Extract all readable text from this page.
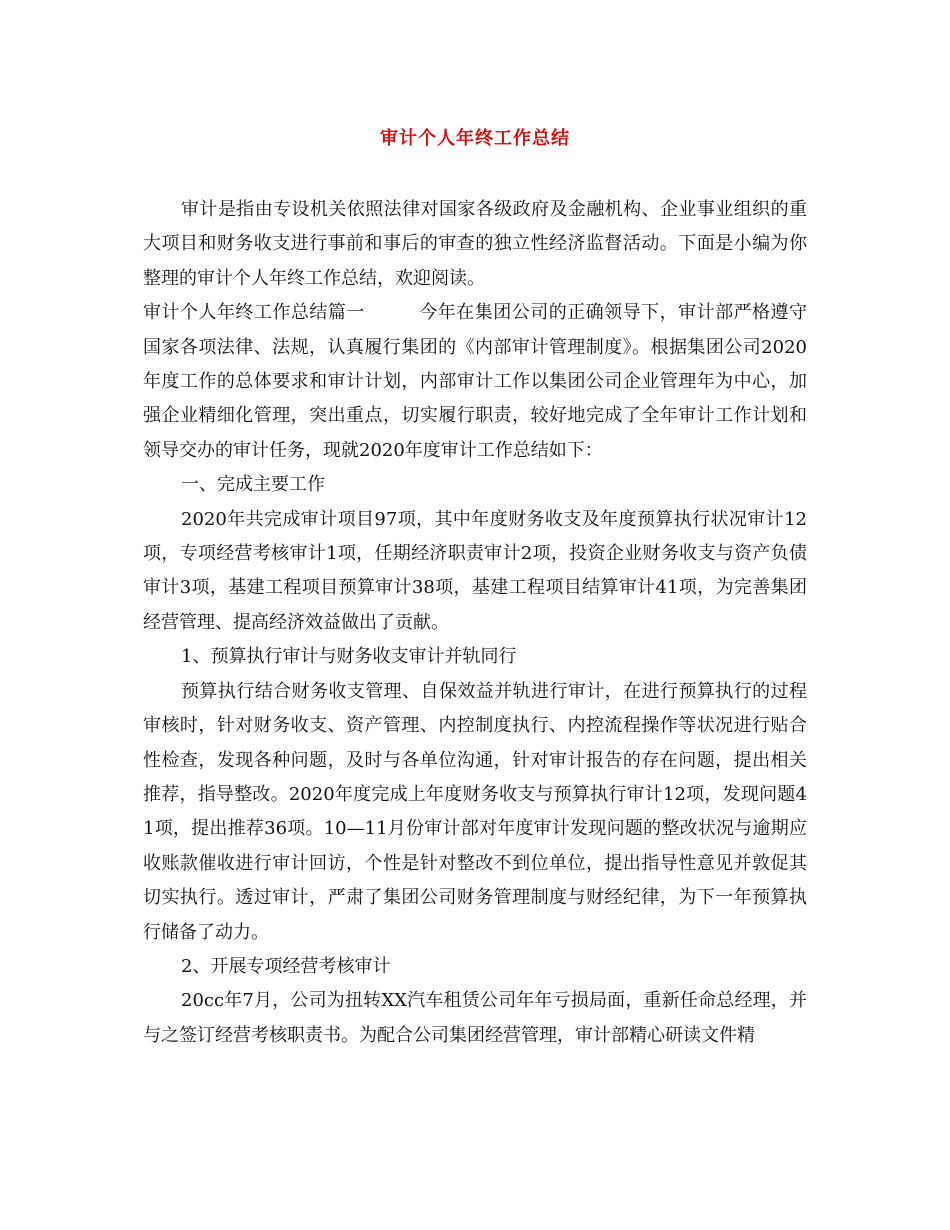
审计个人年终工作总结

审计是指由专设机关依照法律对国家各级政府及金融机构、企业事业组织的重大项目和财务收支进行事前和事后的审查的独立性经济监督活动。下面是小编为你整理的审计个人年终工作总结，欢迎阅读。

审计个人年终工作总结篇一	今年在集团公司的正确领导下，审计部严格遵守国家各项法律、法规，认真履行集团的《内部审计管理制度》。根据集团公司2020年度工作的总体要求和审计计划，内部审计工作以集团公司企业管理年为中心，加强企业精细化管理，突出重点，切实履行职责，较好地完成了全年审计工作计划和领导交办的审计任务，现就2020年度审计工作总结如下：

一、完成主要工作

2020年共完成审计项目97项，其中年度财务收支及年度预算执行状况审计12项，专项经营考核审计1项，任期经济职责审计2项，投资企业财务收支与资产负债审计3项，基建工程项目预算审计38项，基建工程项目结算审计41项，为完善集团经营管理、提高经济效益做出了贡献。

1、预算执行审计与财务收支审计并轨同行

预算执行结合财务收支管理、自保效益并轨进行审计，在进行预算执行的过程审核时，针对财务收支、资产管理、内控制度执行、内控流程操作等状况进行贴合性检查，发现各种问题，及时与各单位沟通，针对审计报告的存在问题，提出相关推荐，指导整改。2020年度完成上年度财务收支与预算执行审计12项，发现问题41项，提出推荐36项。10—11月份审计部对年度审计发现问题的整改状况与逾期应收账款催收进行审计回访，个性是针对整改不到位单位，提出指导性意见并敦促其切实执行。透过审计，严肃了集团公司财务管理制度与财经纪律，为下一年预算执行储备了动力。

2、开展专项经营考核审计

20cc年7月，公司为扭转XX汽车租赁公司年年亏损局面，重新任命总经理，并与之签订经营考核职责书。为配合公司集团经营管理，审计部精心研读文件精
